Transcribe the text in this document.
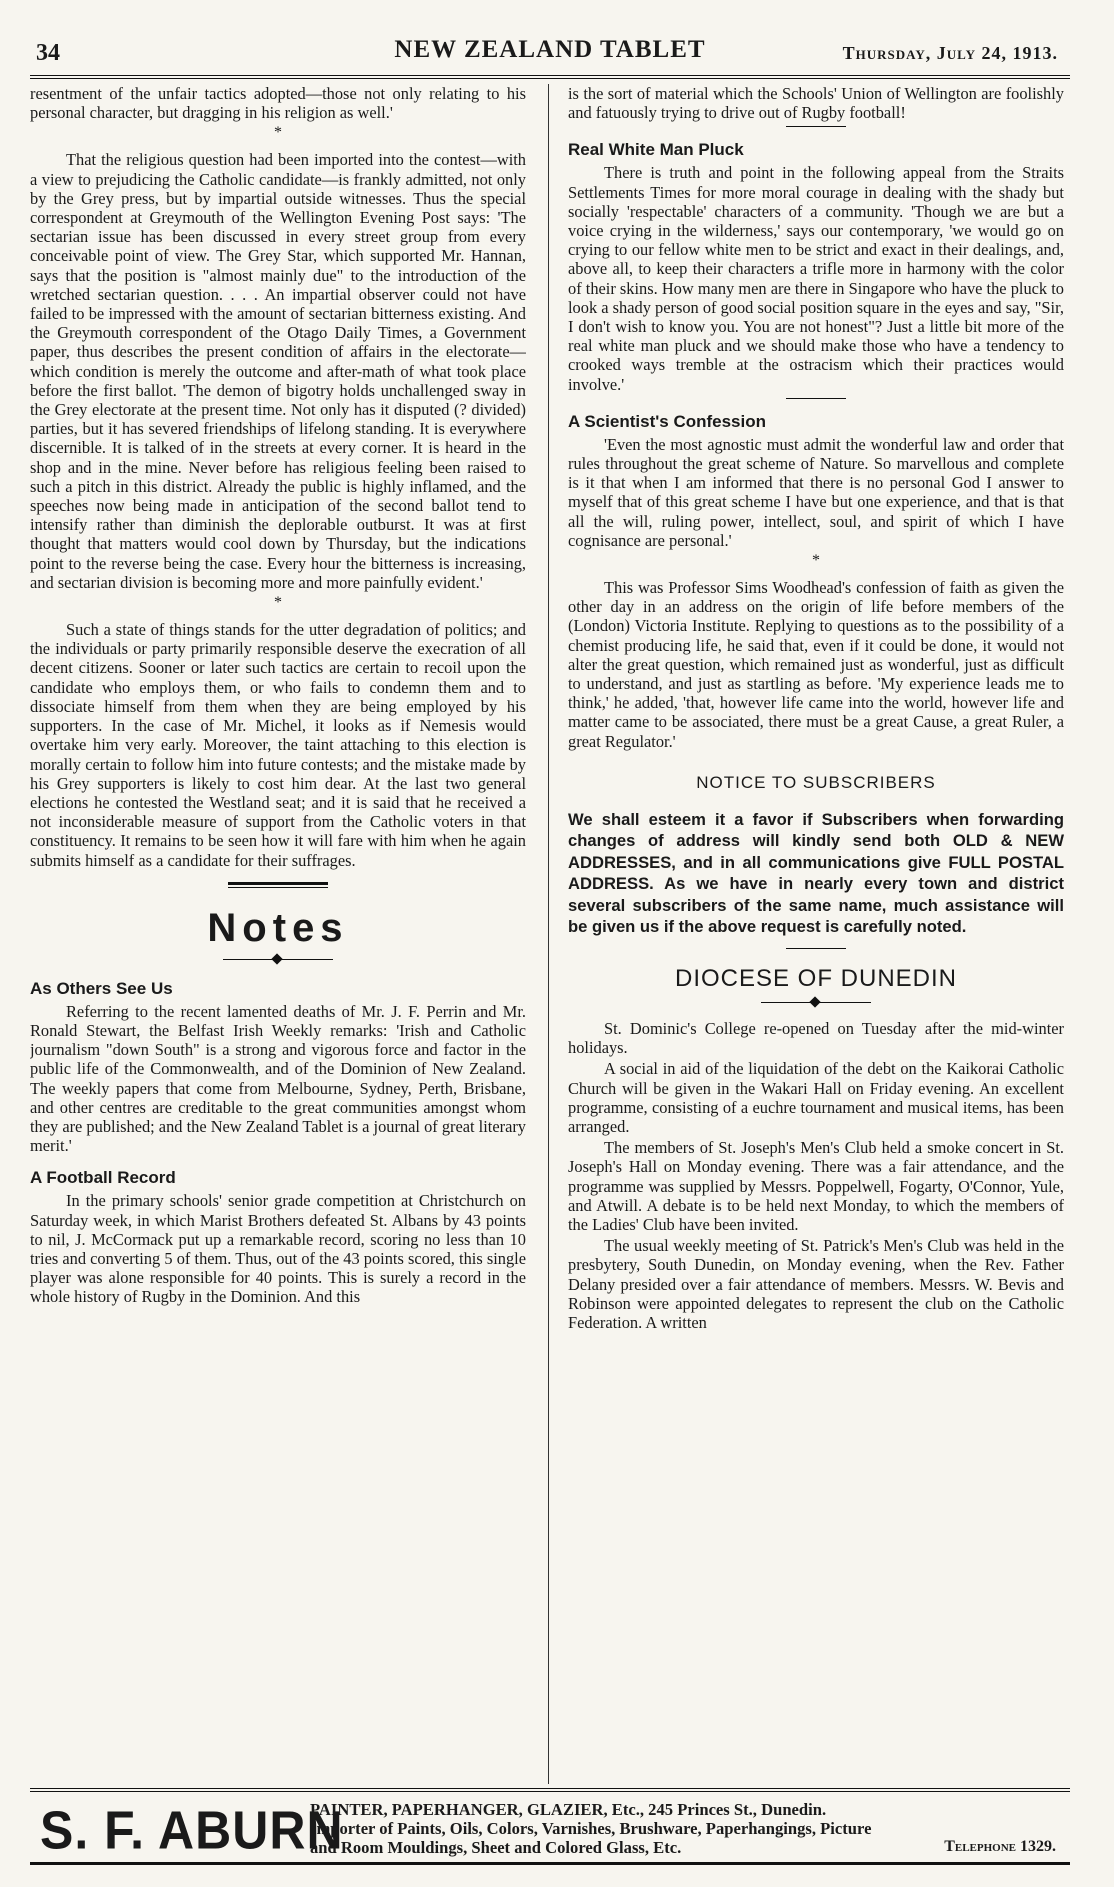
34	NEW ZEALAND TABLET	Thursday, July 24, 1913.

resentment of the unfair tactics adopted—those not only relating to his personal character, but dragging in his religion as well.'

*

That the religious question had been imported into the contest—with a view to prejudicing the Catholic candidate—is frankly admitted, not only by the Grey press, but by impartial outside witnesses. Thus the special correspondent at Greymouth of the Wellington Evening Post says: 'The sectarian issue has been discussed in every street group from every conceivable point of view. The Grey Star, which supported Mr. Hannan, says that the position is "almost mainly due" to the introduction of the wretched sectarian question. . . . An impartial observer could not have failed to be impressed with the amount of sectarian bitterness existing. And the Greymouth correspondent of the Otago Daily Times, a Government paper, thus describes the present condition of affairs in the electorate—which condition is merely the outcome and after-math of what took place before the first ballot. 'The demon of bigotry holds unchallenged sway in the Grey electorate at the present time. Not only has it disputed (? divided) parties, but it has severed friendships of lifelong standing. It is everywhere discernible. It is talked of in the streets at every corner. It is heard in the shop and in the mine. Never before has religious feeling been raised to such a pitch in this district. Already the public is highly inflamed, and the speeches now being made in anticipation of the second ballot tend to intensify rather than diminish the deplorable outburst. It was at first thought that matters would cool down by Thursday, but the indications point to the reverse being the case. Every hour the bitterness is increasing, and sectarian division is becoming more and more painfully evident.'

*

Such a state of things stands for the utter degradation of politics; and the individuals or party primarily responsible deserve the execration of all decent citizens. Sooner or later such tactics are certain to recoil upon the candidate who employs them, or who fails to condemn them and to dissociate himself from them when they are being employed by his supporters. In the case of Mr. Michel, it looks as if Nemesis would overtake him very early. Moreover, the taint attaching to this election is morally certain to follow him into future contests; and the mistake made by his Grey supporters is likely to cost him dear. At the last two general elections he contested the Westland seat; and it is said that he received a not inconsiderable measure of support from the Catholic voters in that constituency. It remains to be seen how it will fare with him when he again submits himself as a candidate for their suffrages.

Notes
As Others See Us

Referring to the recent lamented deaths of Mr. J. F. Perrin and Mr. Ronald Stewart, the Belfast Irish Weekly remarks: 'Irish and Catholic journalism "down South" is a strong and vigorous force and factor in the public life of the Commonwealth, and of the Dominion of New Zealand. The weekly papers that come from Melbourne, Sydney, Perth, Brisbane, and other centres are creditable to the great communities amongst whom they are published; and the New Zealand Tablet is a journal of great literary merit.'

A Football Record

In the primary schools' senior grade competition at Christchurch on Saturday week, in which Marist Brothers defeated St. Albans by 43 points to nil, J. McCormack put up a remarkable record, scoring no less than 10 tries and converting 5 of them. Thus, out of the 43 points scored, this single player was alone responsible for 40 points. This is surely a record in the whole history of Rugby in the Dominion. And this

is the sort of material which the Schools' Union of Wellington are foolishly and fatuously trying to drive out of Rugby football!

Real White Man Pluck

There is truth and point in the following appeal from the Straits Settlements Times for more moral courage in dealing with the shady but socially 'respectable' characters of a community. 'Though we are but a voice crying in the wilderness,' says our contemporary, 'we would go on crying to our fellow white men to be strict and exact in their dealings, and, above all, to keep their characters a trifle more in harmony with the color of their skins. How many men are there in Singapore who have the pluck to look a shady person of good social position square in the eyes and say, "Sir, I don't wish to know you. You are not honest"? Just a little bit more of the real white man pluck and we should make those who have a tendency to crooked ways tremble at the ostracism which their practices would involve.'

A Scientist's Confession

'Even the most agnostic must admit the wonderful law and order that rules throughout the great scheme of Nature. So marvellous and complete is it that when I am informed that there is no personal God I answer to myself that of this great scheme I have but one experience, and that is that all the will, ruling power, intellect, soul, and spirit of which I have cognisance are personal.'

*

This was Professor Sims Woodhead's confession of faith as given the other day in an address on the origin of life before members of the (London) Victoria Institute. Replying to questions as to the possibility of a chemist producing life, he said that, even if it could be done, it would not alter the great question, which remained just as wonderful, just as difficult to understand, and just as startling as before. 'My experience leads me to think,' he added, 'that, however life came into the world, however life and matter came to be associated, there must be a great Cause, a great Ruler, a great Regulator.'

NOTICE TO SUBSCRIBERS
We shall esteem it a favor if Subscribers when forwarding changes of address will kindly send both OLD & NEW ADDRESSES, and in all communications give FULL POSTAL ADDRESS. As we have in nearly every town and district several subscribers of the same name, much assistance will be given us if the above request is carefully noted.
DIOCESE OF DUNEDIN

St. Dominic's College re-opened on Tuesday after the mid-winter holidays.

A social in aid of the liquidation of the debt on the Kaikorai Catholic Church will be given in the Wakari Hall on Friday evening. An excellent programme, consisting of a euchre tournament and musical items, has been arranged.

The members of St. Joseph's Men's Club held a smoke concert in St. Joseph's Hall on Monday evening. There was a fair attendance, and the programme was supplied by Messrs. Poppelwell, Fogarty, O'Connor, Yule, and Atwill. A debate is to be held next Monday, to which the members of the Ladies' Club have been invited.

The usual weekly meeting of St. Patrick's Men's Club was held in the presbytery, South Dunedin, on Monday evening, when the Rev. Father Delany presided over a fair attendance of members. Messrs. W. Bevis and Robinson were appointed delegates to represent the club on the Catholic Federation. A written

S. F. ABURN
PAINTER, PAPERHANGER, GLAZIER, Etc., 245 Princes St., Dunedin.
Importer of Paints, Oils, Colors, Varnishes, Brushware, Paperhangings, Picture
and Room Mouldings, Sheet and Colored Glass, Etc.	Telephone 1329.
